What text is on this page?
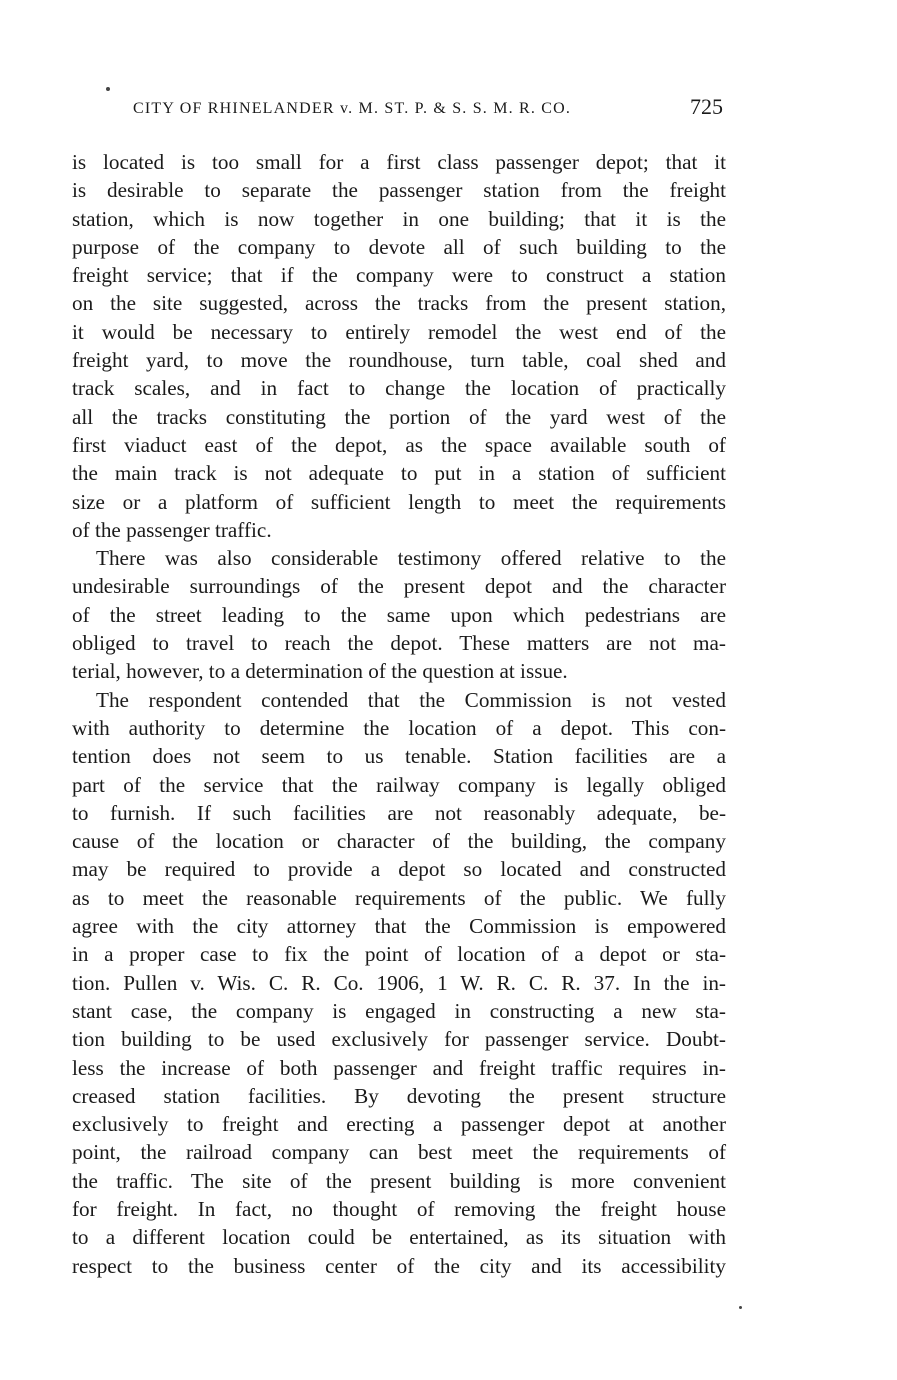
CITY OF RHINELANDER v. M. ST. P. & S. S. M. R. CO.	725
is located is too small for a first class passenger depot; that it
is desirable to separate the passenger station from the freight
station, which is now together in one building; that it is the
purpose of the company to devote all of such building to the
freight service; that if the company were to construct a station
on the site suggested, across the tracks from the present station,
it would be necessary to entirely remodel the west end of the
freight yard, to move the roundhouse, turn table, coal shed and
track scales, and in fact to change the location of practically
all the tracks constituting the portion of the yard west of the
first viaduct east of the depot, as the space available south of
the main track is not adequate to put in a station of sufficient
size or a platform of sufficient length to meet the requirements
of the passenger traffic.
There was also considerable testimony offered relative to the
undesirable surroundings of the present depot and the character
of the street leading to the same upon which pedestrians are
obliged to travel to reach the depot. These matters are not ma-
terial, however, to a determination of the question at issue.
The respondent contended that the Commission is not vested
with authority to determine the location of a depot. This con-
tention does not seem to us tenable. Station facilities are a
part of the service that the railway company is legally obliged
to furnish. If such facilities are not reasonably adequate, be-
cause of the location or character of the building, the company
may be required to provide a depot so located and constructed
as to meet the reasonable requirements of the public. We fully
agree with the city attorney that the Commission is empowered
in a proper case to fix the point of location of a depot or sta-
tion. Pullen v. Wis. C. R. Co. 1906, 1 W. R. C. R. 37. In the in-
stant case, the company is engaged in constructing a new sta-
tion building to be used exclusively for passenger service. Doubt-
less the increase of both passenger and freight traffic requires in-
creased station facilities. By devoting the present structure
exclusively to freight and erecting a passenger depot at another
point, the railroad company can best meet the requirements of
the traffic. The site of the present building is more convenient
for freight. In fact, no thought of removing the freight house
to a different location could be entertained, as its situation with
respect to the business center of the city and its accessibility
